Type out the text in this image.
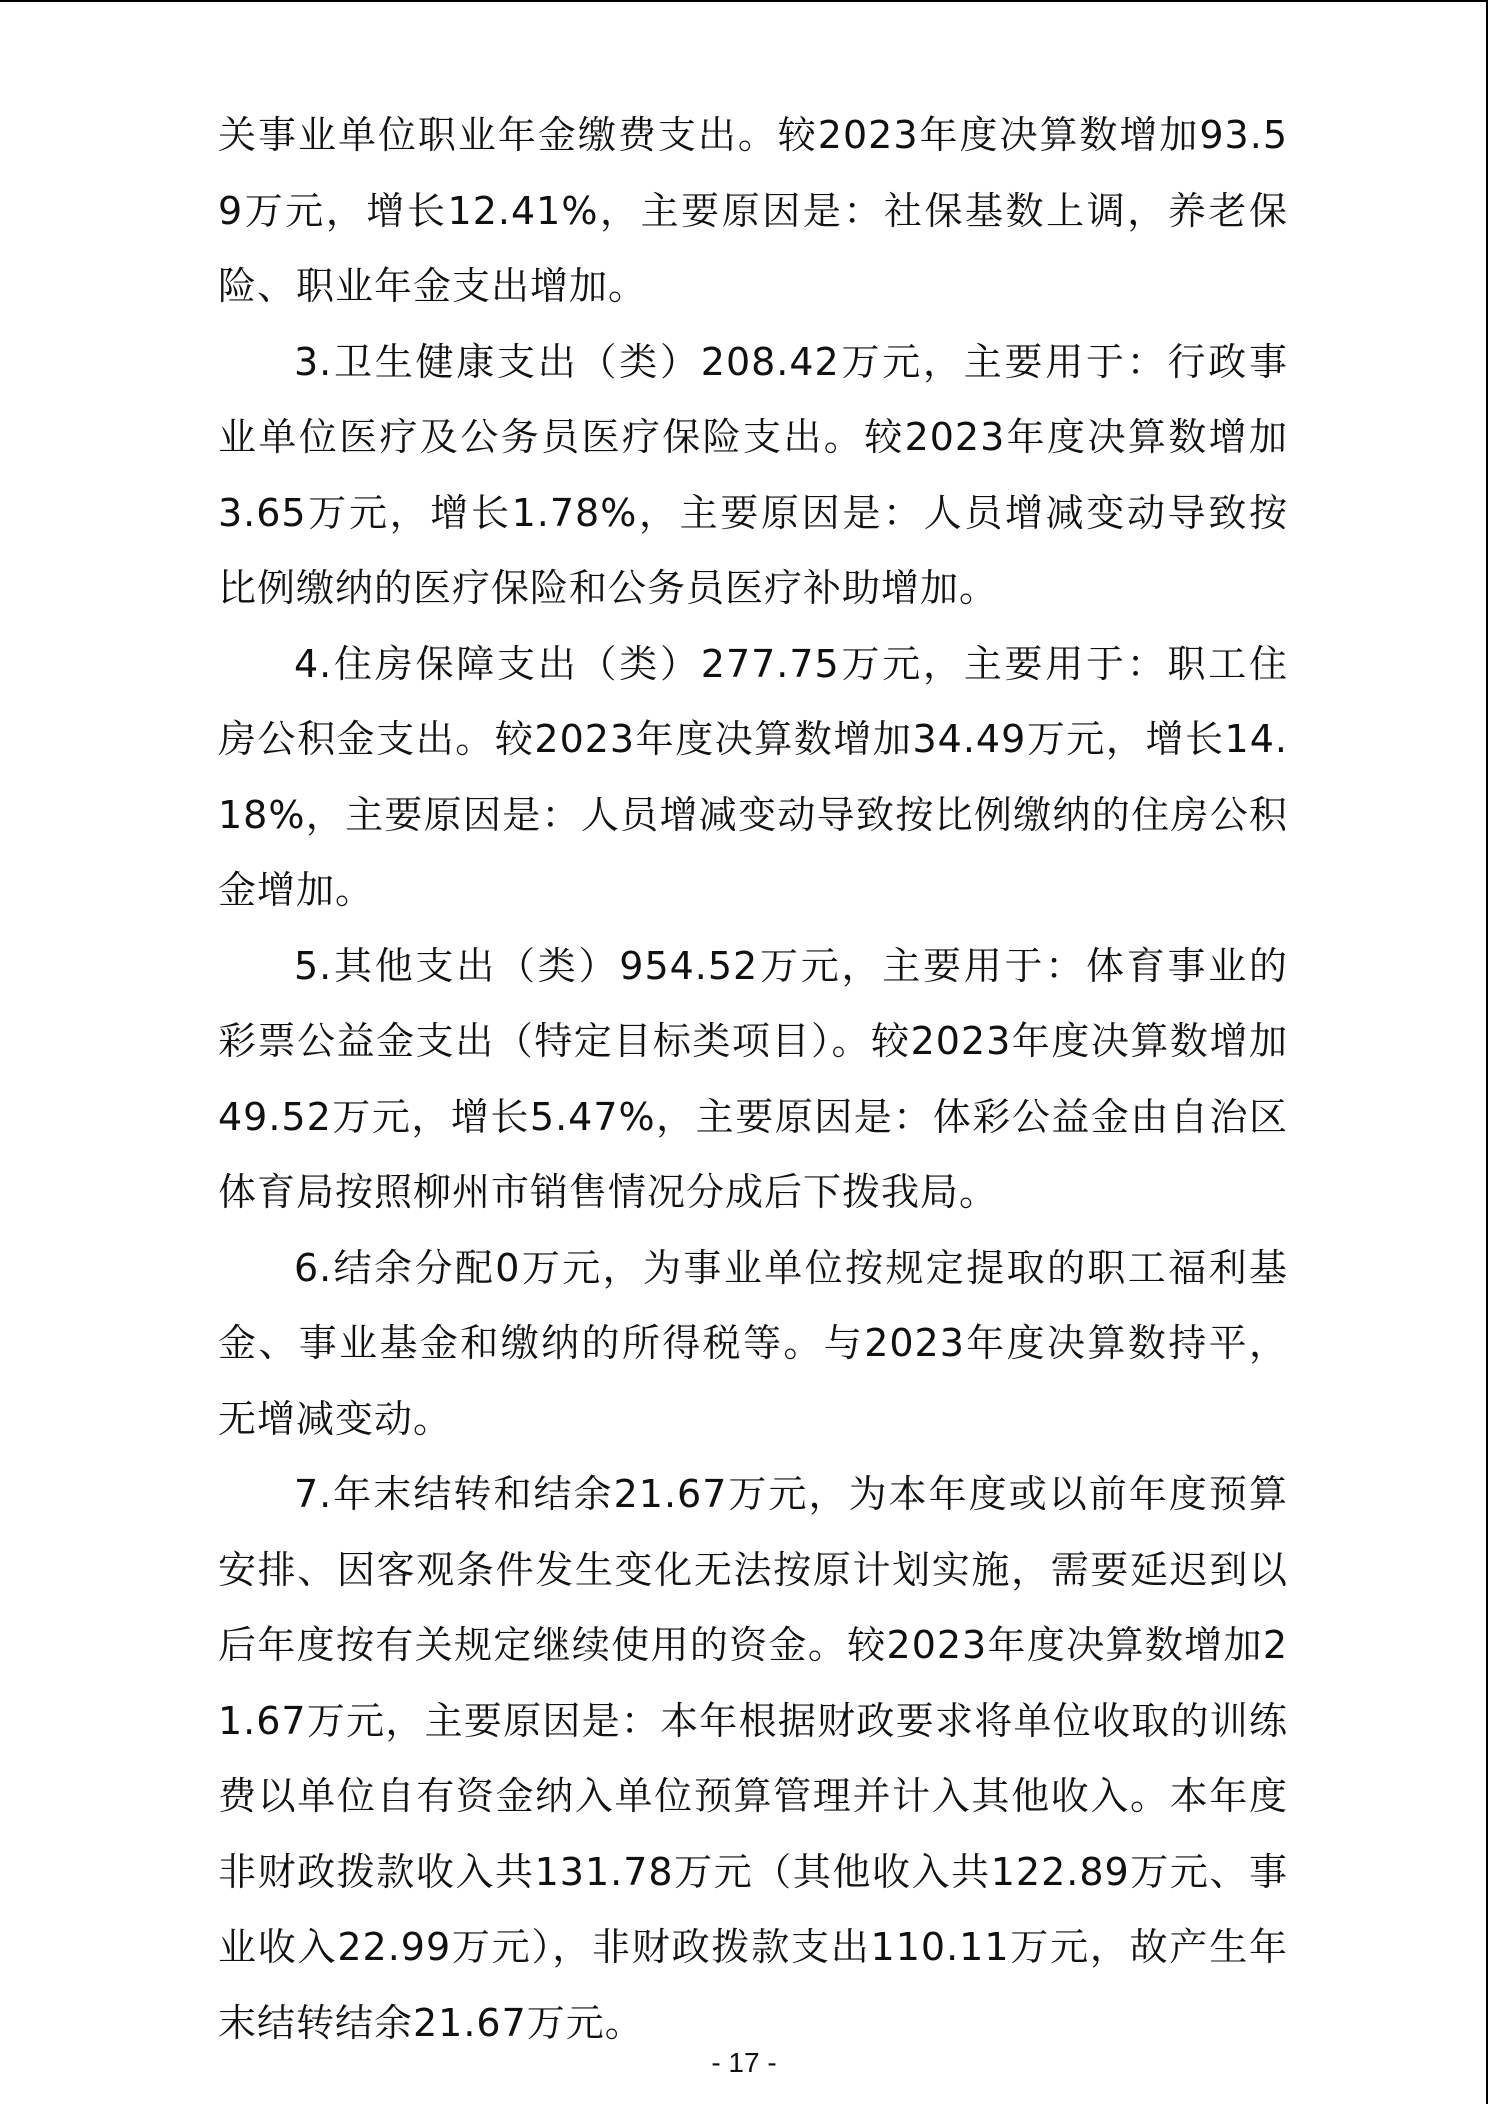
关事业单位职业年金缴费支出。较2023年度决算数增加93.59万元，增长12.41%，主要原因是：社保基数上调，养老保险、职业年金支出增加。

3.卫生健康支出（类）208.42万元，主要用于：行政事业单位医疗及公务员医疗保险支出。较2023年度决算数增加3.65万元，增长1.78%，主要原因是：人员增减变动导致按比例缴纳的医疗保险和公务员医疗补助增加。

4.住房保障支出（类）277.75万元，主要用于：职工住房公积金支出。较2023年度决算数增加34.49万元，增长14.18%，主要原因是：人员增减变动导致按比例缴纳的住房公积金增加。

5.其他支出（类）954.52万元，主要用于：体育事业的彩票公益金支出（特定目标类项目）。较2023年度决算数增加49.52万元，增长5.47%，主要原因是：体彩公益金由自治区体育局按照柳州市销售情况分成后下拨我局。

6.结余分配0万元，为事业单位按规定提取的职工福利基金、事业基金和缴纳的所得税等。与2023年度决算数持平，无增减变动。

7.年末结转和结余21.67万元，为本年度或以前年度预算安排、因客观条件发生变化无法按原计划实施，需要延迟到以后年度按有关规定继续使用的资金。较2023年度决算数增加21.67万元，主要原因是：本年根据财政要求将单位收取的训练费以单位自有资金纳入单位预算管理并计入其他收入。本年度非财政拨款收入共131.78万元（其他收入共122.89万元、事业收入22.99万元），非财政拨款支出110.11万元，故产生年末结转结余21.67万元。

- 17 -
